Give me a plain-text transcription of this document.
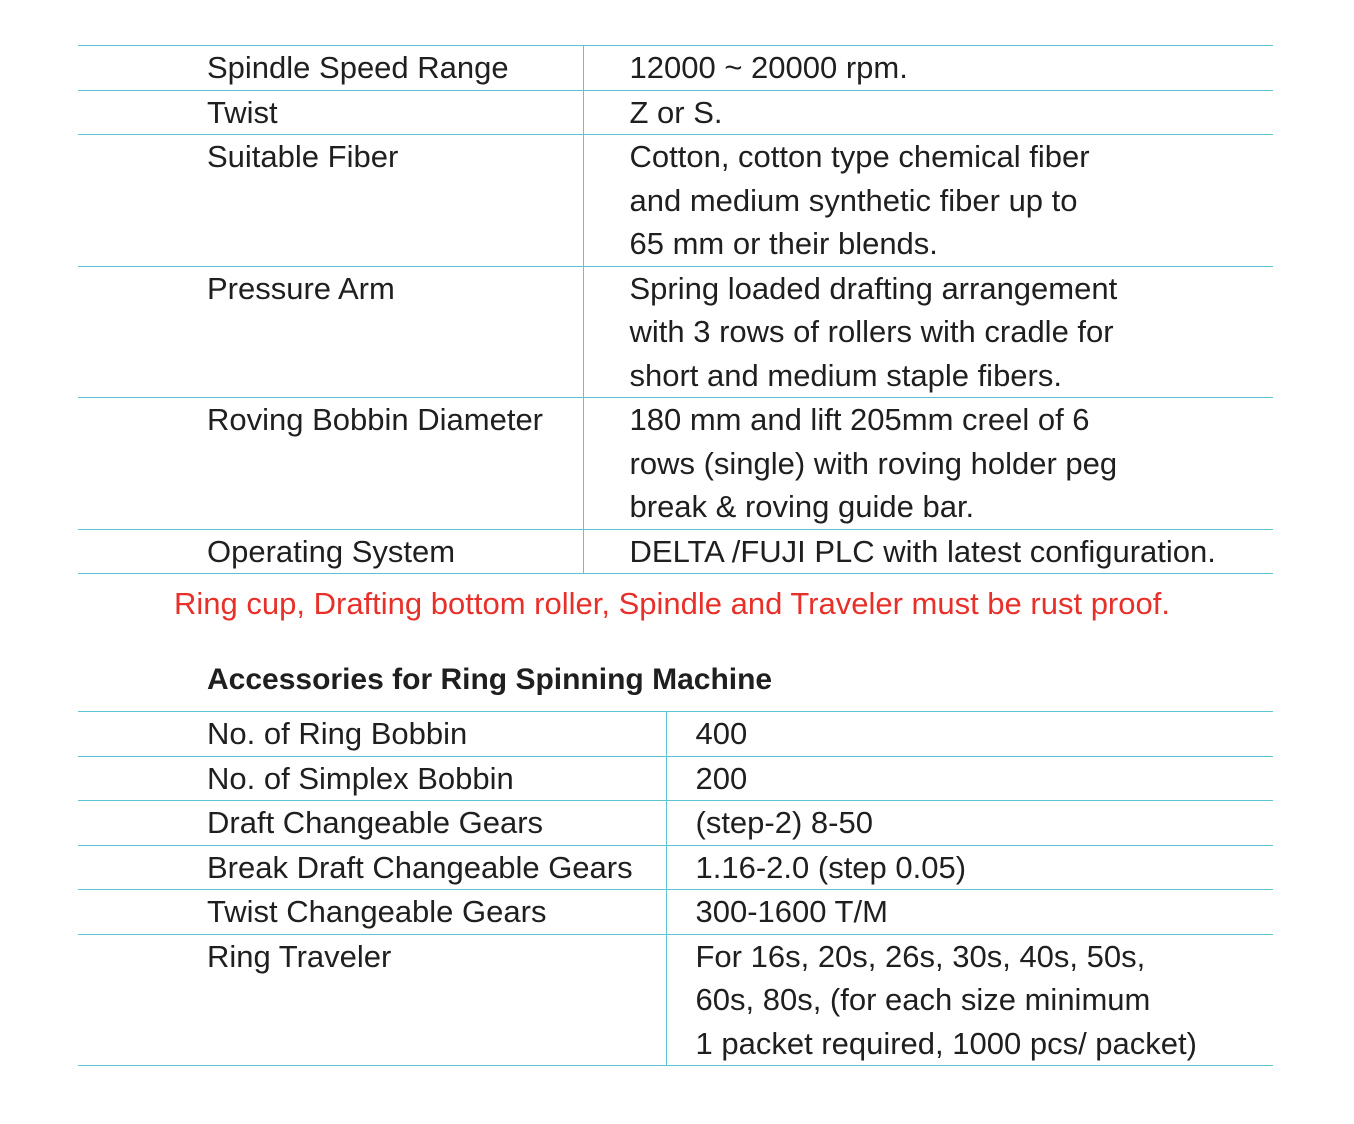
Spindle Speed Range	12000 ~ 20000 rpm.
Twist	Z or S.
Suitable Fiber	Cotton, cotton type chemical fiber
and medium synthetic fiber up to
65 mm or their blends.
Pressure Arm	Spring loaded drafting arrangement
with 3 rows of rollers with cradle for
short and medium staple fibers.
Roving Bobbin Diameter	180 mm and lift 205mm creel of 6
rows (single) with roving holder peg
break & roving guide bar.
Operating System	DELTA /FUJI PLC with latest configuration.
Ring cup, Drafting bottom roller, Spindle and Traveler must be rust proof.
Accessories for Ring Spinning Machine
No. of Ring Bobbin	400
No. of Simplex Bobbin	200
Draft Changeable Gears	(step-2) 8-50
Break Draft Changeable Gears	1.16-2.0 (step 0.05)
Twist Changeable Gears	300-1600 T/M
Ring Traveler	For 16s, 20s, 26s, 30s, 40s, 50s,
60s, 80s, (for each size minimum
1 packet required, 1000 pcs/ packet)
